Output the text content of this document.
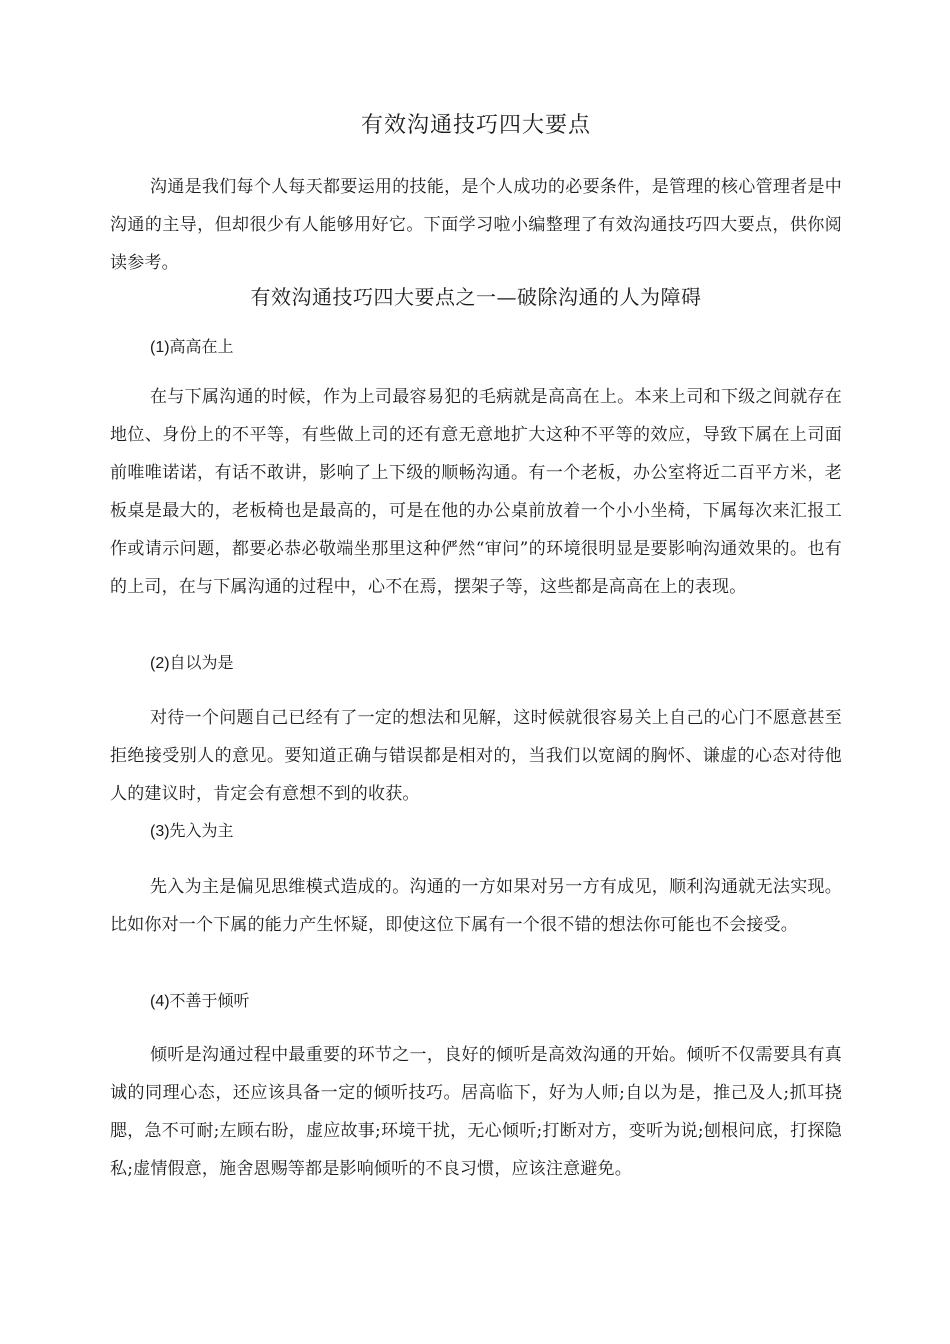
有效沟通技巧四大要点

沟通是我们每个人每天都要运用的技能，是个人成功的必要条件，是管理的核心管理者是中沟通的主导，但却很少有人能够用好它。下面学习啦小编整理了有效沟通技巧四大要点，供你阅读参考。

有效沟通技巧四大要点之一—破除沟通的人为障碍

(1)高高在上

在与下属沟通的时候，作为上司最容易犯的毛病就是高高在上。本来上司和下级之间就存在地位、身份上的不平等，有些做上司的还有意无意地扩大这种不平等的效应，导致下属在上司面前唯唯诺诺，有话不敢讲，影响了上下级的顺畅沟通。有一个老板，办公室将近二百平方米，老板桌是最大的，老板椅也是最高的，可是在他的办公桌前放着一个小小坐椅，下属每次来汇报工作或请示问题，都要必恭必敬端坐那里这种俨然“审问”的环境很明显是要影响沟通效果的。也有的上司，在与下属沟通的过程中，心不在焉，摆架子等，这些都是高高在上的表现。

(2)自以为是

对待一个问题自己已经有了一定的想法和见解，这时候就很容易关上自己的心门不愿意甚至拒绝接受别人的意见。要知道正确与错误都是相对的，当我们以宽阔的胸怀、谦虚的心态对待他人的建议时，肯定会有意想不到的收获。

(3)先入为主

先入为主是偏见思维模式造成的。沟通的一方如果对另一方有成见，顺利沟通就无法实现。比如你对一个下属的能力产生怀疑，即使这位下属有一个很不错的想法你可能也不会接受。

(4)不善于倾听

倾听是沟通过程中最重要的环节之一，良好的倾听是高效沟通的开始。倾听不仅需要具有真诚的同理心态，还应该具备一定的倾听技巧。居高临下，好为人师;自以为是，推己及人;抓耳挠腮，急不可耐;左顾右盼，虚应故事;环境干扰，无心倾听;打断对方，变听为说;刨根问底，打探隐私;虚情假意，施舍恩赐等都是影响倾听的不良习惯，应该注意避免。
